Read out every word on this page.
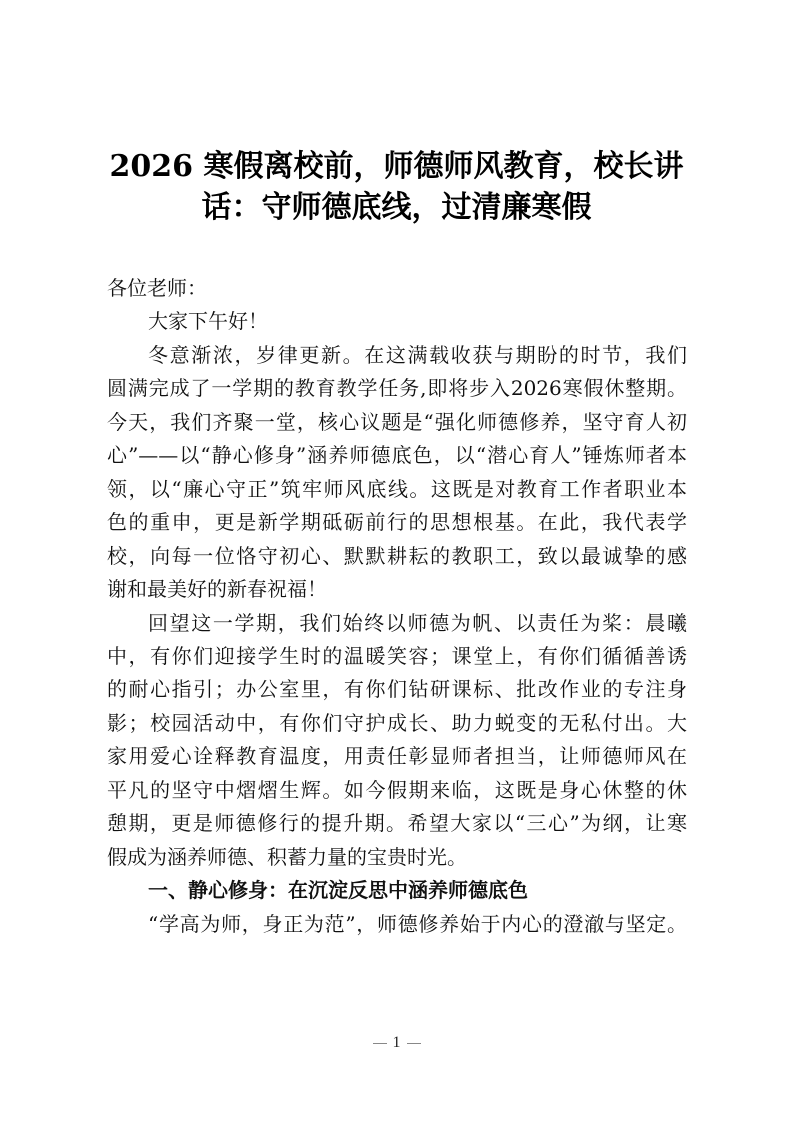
2026 寒假离校前，师德师风教育，校长讲
话：守师德底线，过清廉寒假
各位老师：
大家下午好！
冬意渐浓，岁律更新。在这满载收获与期盼的时节，我们
圆满完成了一学期的教育教学任务,即将步入2026寒假休整期。
今天，我们齐聚一堂，核心议题是“强化师德修养，坚守育人初
心”——以“静心修身”涵养师德底色，以“潜心育人”锤炼师者本
领，以“廉心守正”筑牢师风底线。这既是对教育工作者职业本
色的重申，更是新学期砥砺前行的思想根基。在此，我代表学
校，向每一位恪守初心、默默耕耘的教职工，致以最诚挚的感
谢和最美好的新春祝福！
回望这一学期，我们始终以师德为帆、以责任为桨：晨曦
中，有你们迎接学生时的温暖笑容；课堂上，有你们循循善诱
的耐心指引；办公室里，有你们钻研课标、批改作业的专注身
影；校园活动中，有你们守护成长、助力蜕变的无私付出。大
家用爱心诠释教育温度，用责任彰显师者担当，让师德师风在
平凡的坚守中熠熠生辉。如今假期来临，这既是身心休整的休
憩期，更是师德修行的提升期。希望大家以“三心”为纲，让寒
假成为涵养师德、积蓄力量的宝贵时光。
一、静心修身：在沉淀反思中涵养师德底色
“学高为师，身正为范”，师德修养始于内心的澄澈与坚定。
1
